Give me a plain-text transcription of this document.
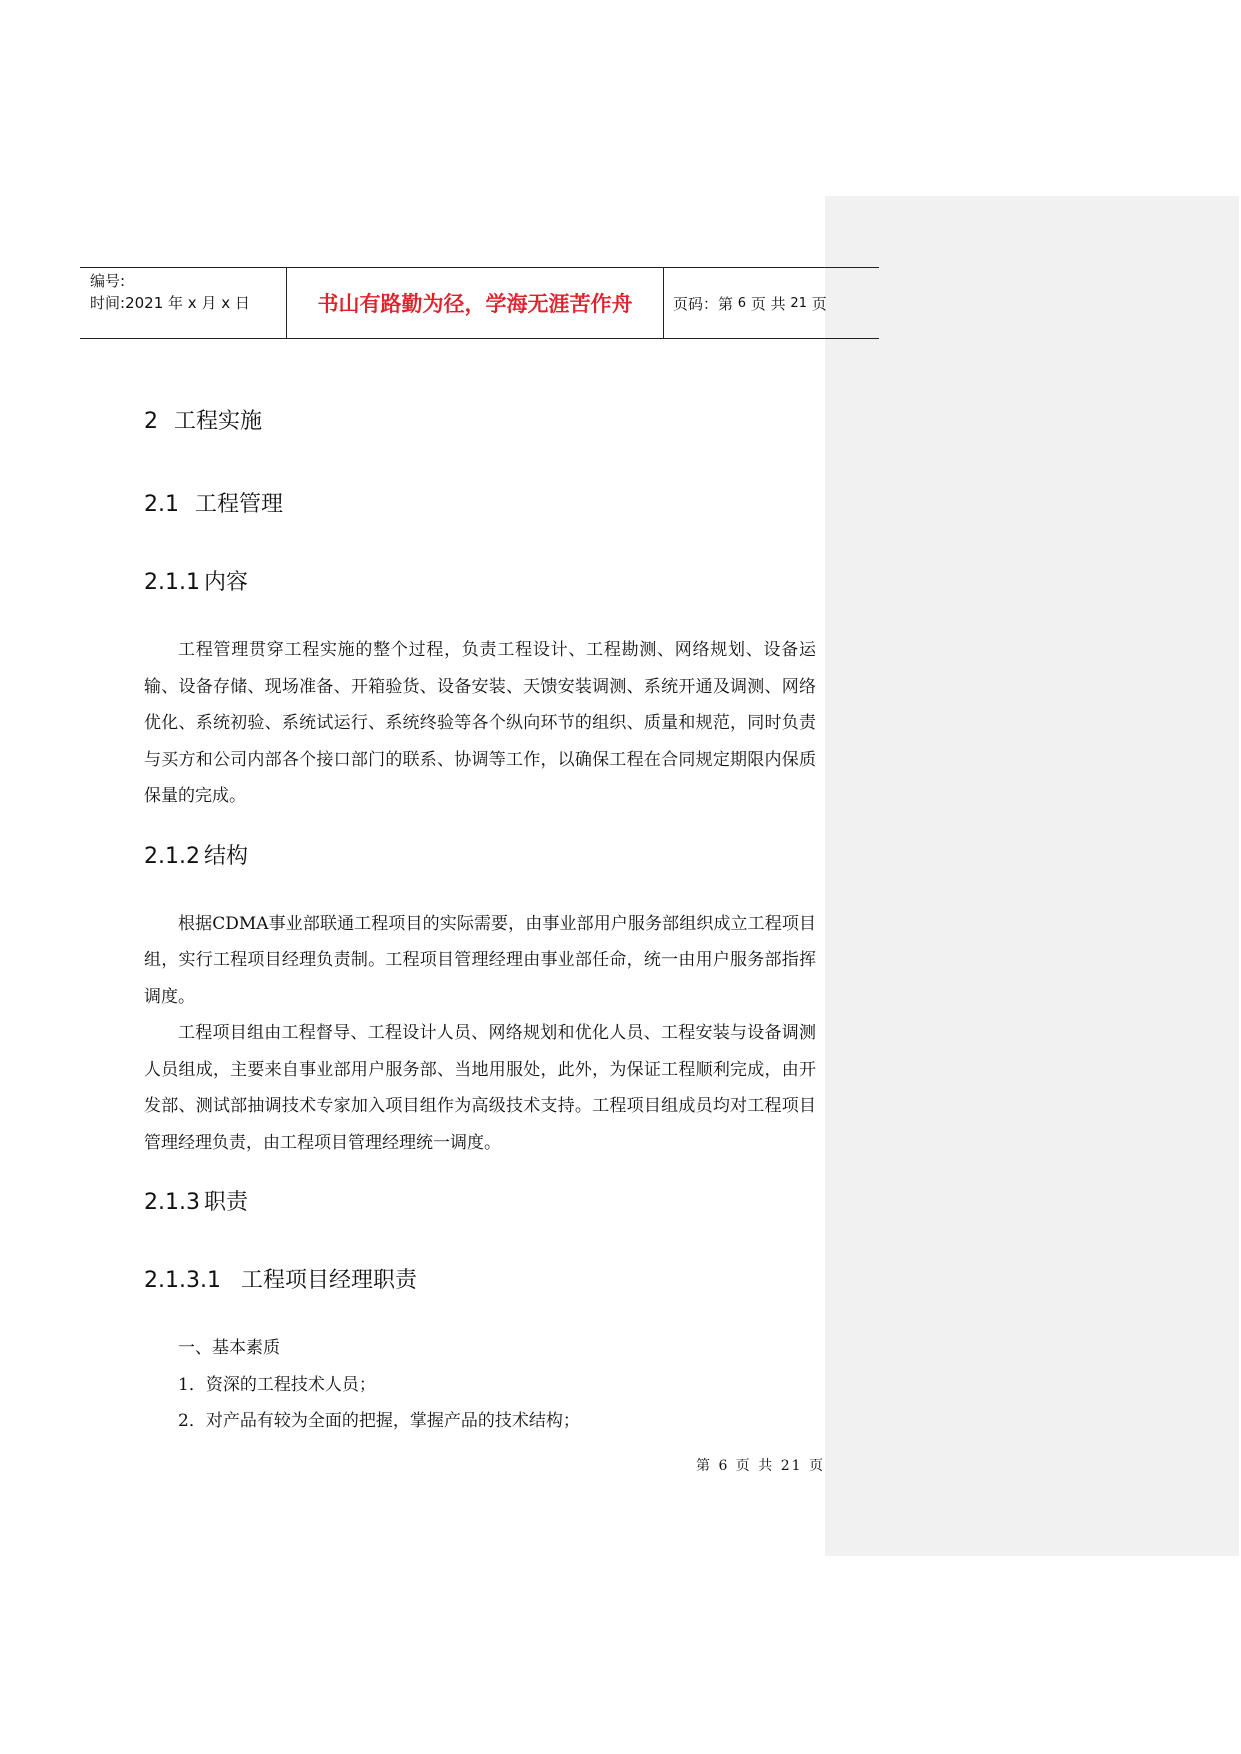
编号:
时间:2021 年 x 月 x 日	书山有路勤为径，学海无涯苦作舟	页码：第
6
页 共
21
页
2 工程实施
2.1 工程管理
2.1.1 内容

工程管理贯穿工程实施的整个过程，负责工程设计、工程勘测、网络规划、设备运输、设备存储、现场准备、开箱验货、设备安装、天馈安装调测、系统开通及调测、网络优化、系统初验、系统试运行、系统终验等各个纵向环节的组织、质量和规范，同时负责与买方和公司内部各个接口部门的联系、协调等工作，以确保工程在合同规定期限内保质保量的完成。

2.1.2 结构

根据CDMA事业部联通工程项目的实际需要，由事业部用户服务部组织成立工程项目组，实行工程项目经理负责制。工程项目管理经理由事业部任命，统一由用户服务部指挥调度。

工程项目组由工程督导、工程设计人员、网络规划和优化人员、工程安装与设备调测人员组成，主要来自事业部用户服务部、当地用服处，此外，为保证工程顺利完成，由开发部、测试部抽调技术专家加入项目组作为高级技术支持。工程项目组成员均对工程项目管理经理负责，由工程项目管理经理统一调度。

2.1.3 职责
2.1.3.1 工程项目经理职责

一、基本素质

1．资深的工程技术人员；

2．对产品有较为全面的把握，掌握产品的技术结构；

第 6 页 共 21 页
